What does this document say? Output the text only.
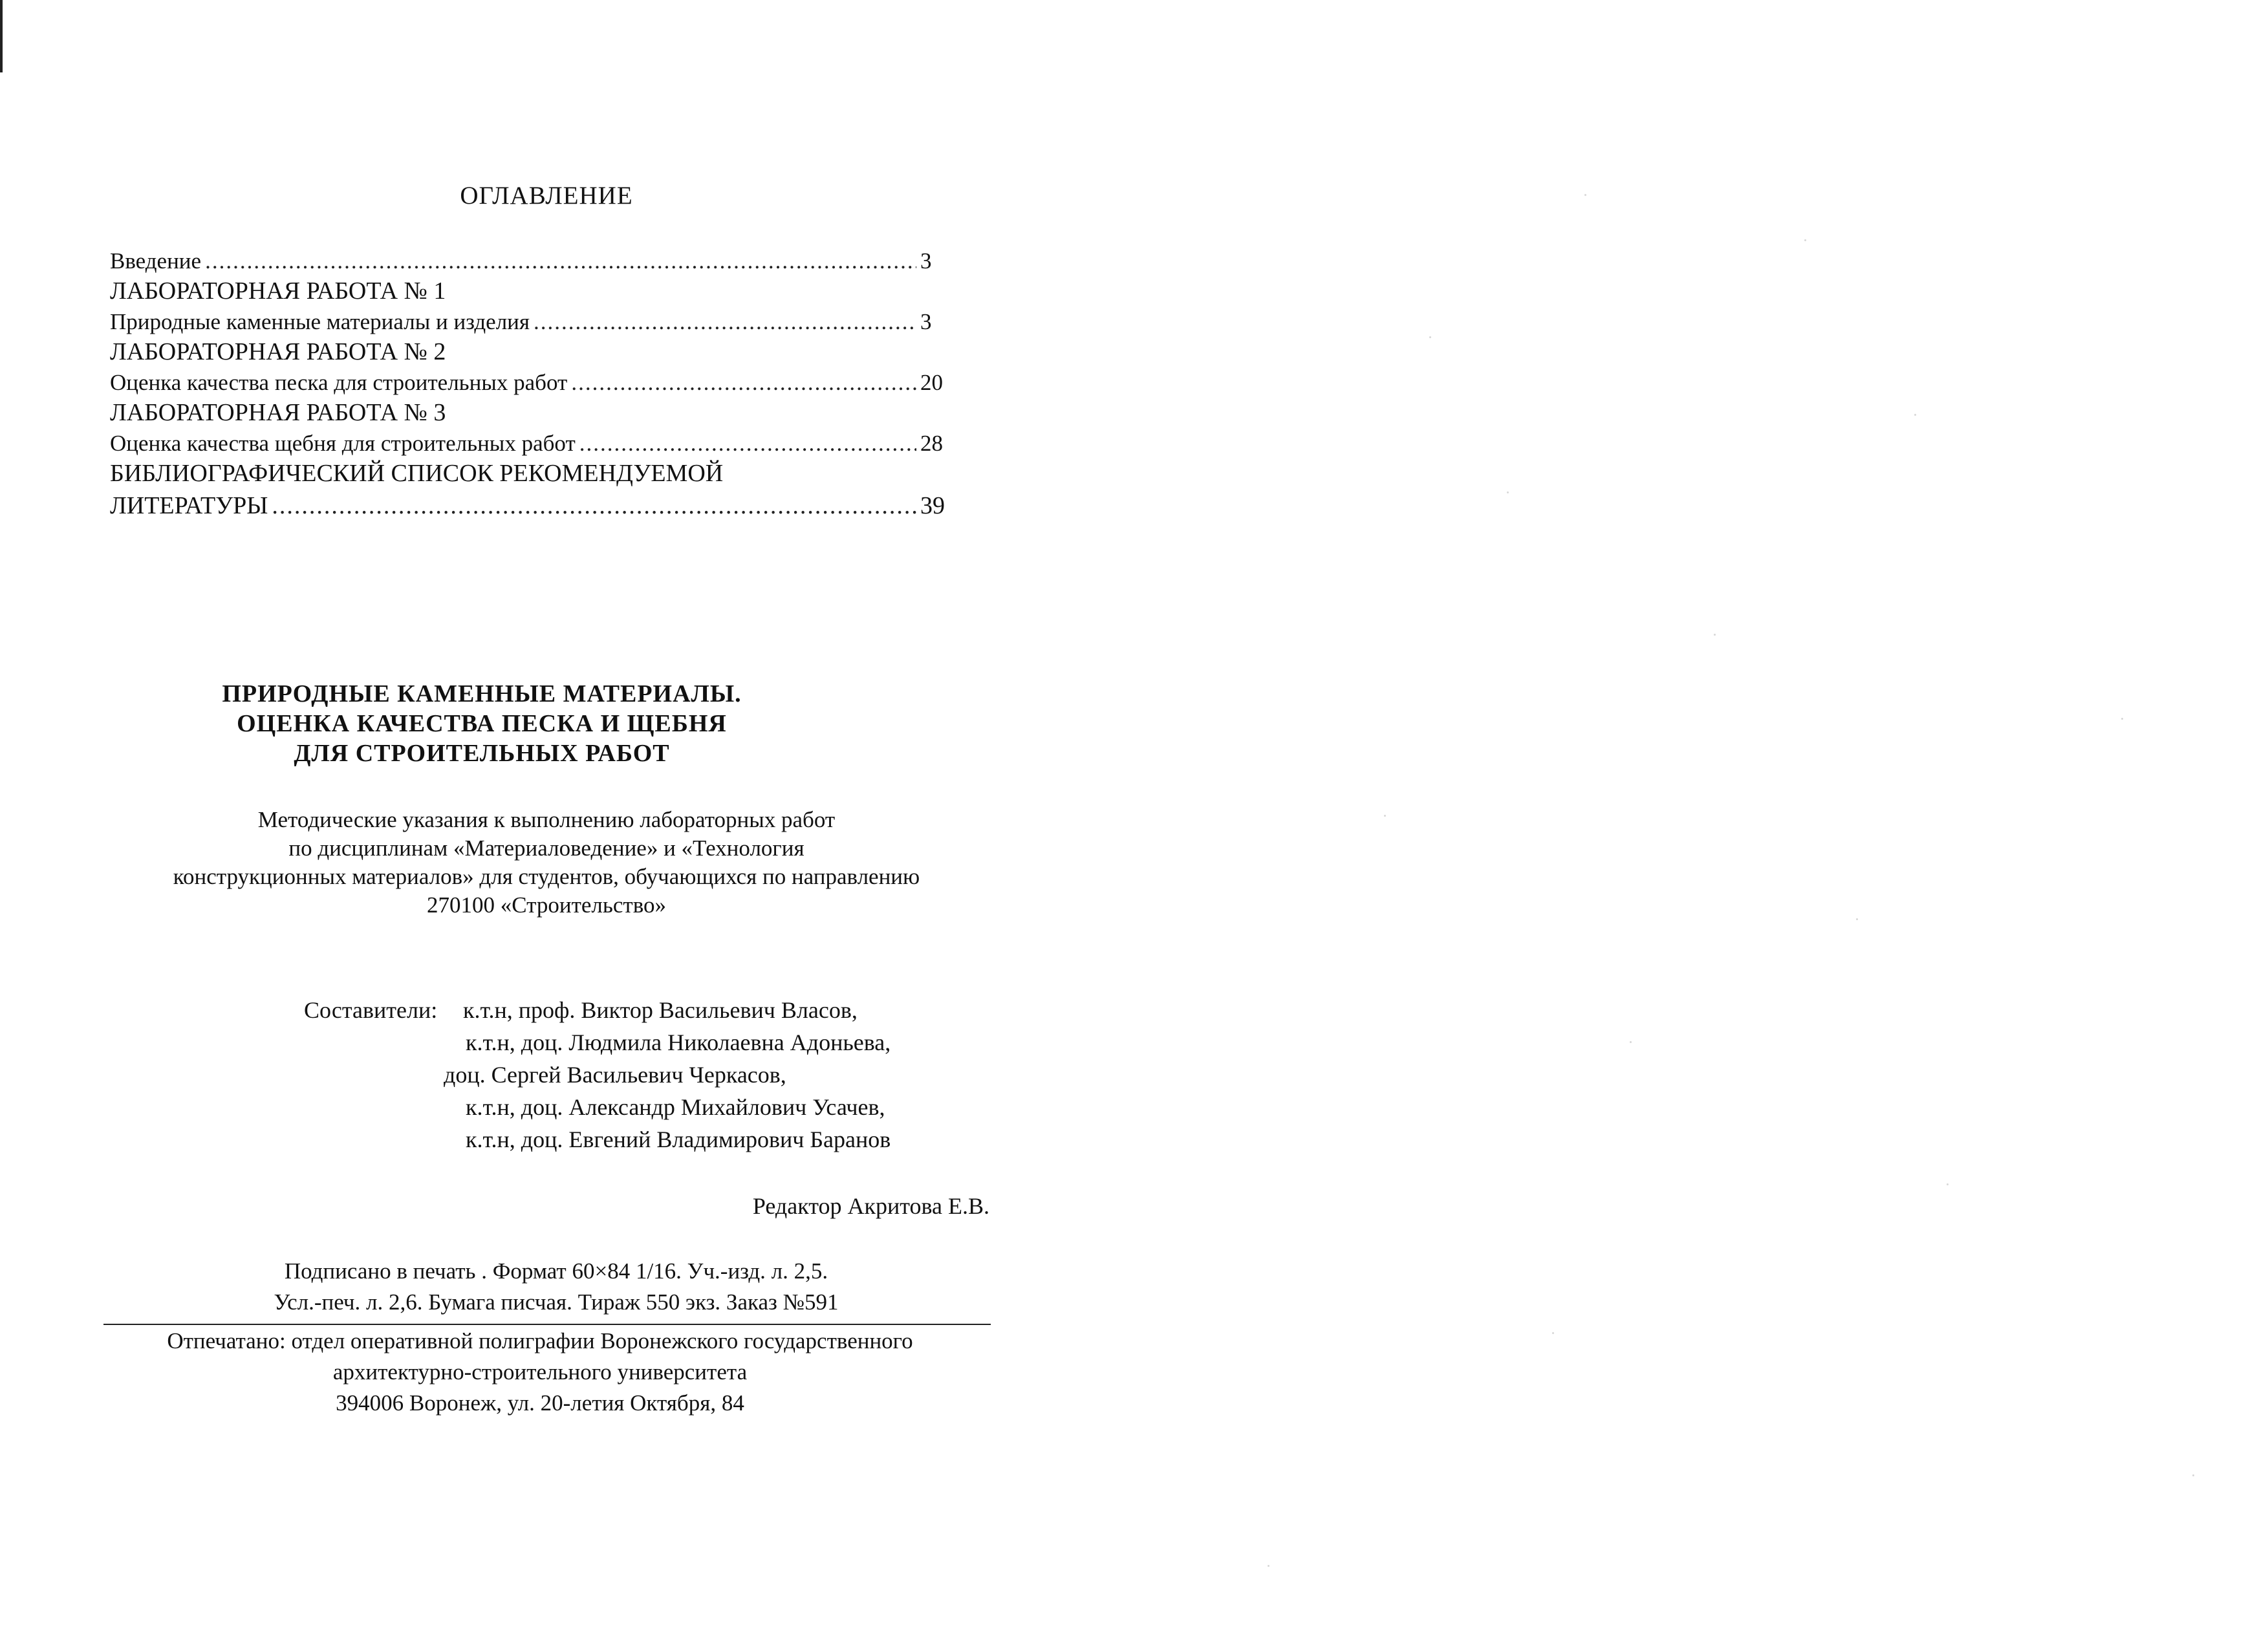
ОГЛАВЛЕНИЕ
Введение .....	3
ЛАБОРАТОРНАЯ РАБОТА № 1
Природные каменные материалы и изделия .....	3
ЛАБОРАТОРНАЯ РАБОТА № 2
Оценка качества песка для строительных работ .....	20
ЛАБОРАТОРНАЯ РАБОТА № 3
Оценка качества щебня для строительных работ .....	28
БИБЛИОГРАФИЧЕСКИЙ СПИСОК РЕКОМЕНДУЕМОЙ
ЛИТЕРАТУРЫ .....	39
ПРИРОДНЫЕ КАМЕННЫЕ МАТЕРИАЛЫ.
ОЦЕНКА КАЧЕСТВА ПЕСКА И ЩЕБНЯ
ДЛЯ СТРОИТЕЛЬНЫХ РАБОТ
Методические указания к выполнению лабораторных работ
по дисциплинам «Материаловедение» и «Технология
конструкционных материалов» для студентов, обучающихся по направлению
270100 «Строительство»
Составители: к.т.н, проф. Виктор Васильевич Власов,
к.т.н, доц. Людмила Николаевна Адоньева,
доц. Сергей Васильевич Черкасов,
к.т.н, доц. Александр Михайлович Усачев,
к.т.н, доц. Евгений Владимирович Баранов
Редактор Акритова Е.В.
Подписано в печать . Формат 60×84 1/16. Уч.-изд. л. 2,5.
Усл.-печ. л. 2,6. Бумага писчая. Тираж 550 экз. Заказ №591
Отпечатано: отдел оперативной полиграфии Воронежского государственного
архитектурно-строительного университета
394006 Воронеж, ул. 20-летия Октября, 84
